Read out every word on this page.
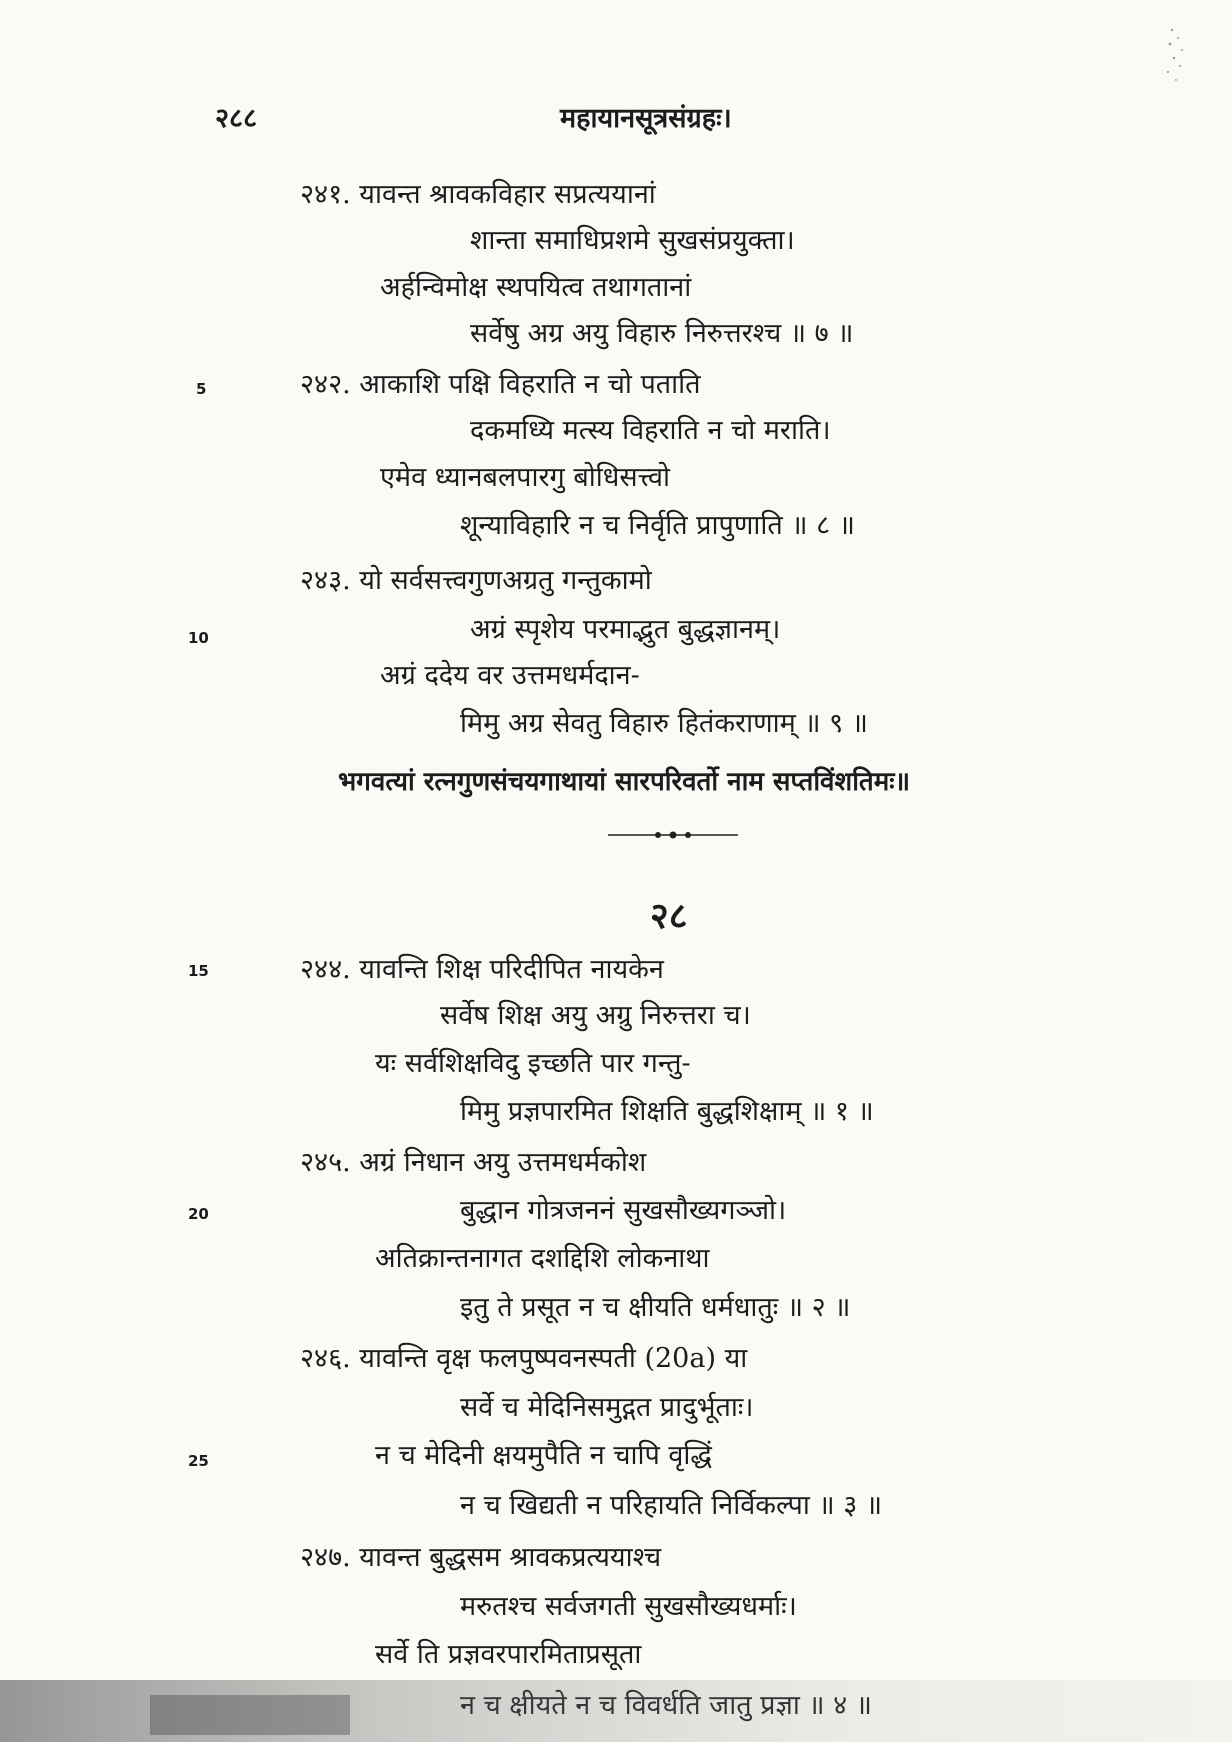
२८८	महायानसूत्रसंग्रहः।
२४१. यावन्त श्रावकविहार सप्रत्ययानां
शान्ता समाधिप्रशमे सुखसंप्रयुक्ता।
अर्हन्विमोक्ष स्थपयित्व तथागतानां
सर्वेषु अग्र अयु विहारु निरुत्तरश्च ॥ ७ ॥
२४२. आकाशि पक्षि विहराति न चो पताति
दकमध्यि मत्स्य विहराति न चो मराति।
एमेव ध्यानबलपारगु बोधिसत्त्वो
शून्याविहारि न च निर्वृति प्रापुणाति ॥ ८ ॥
२४३. यो सर्वसत्त्वगुणअग्रतु गन्तुकामो
अग्रं स्पृशेय परमाद्भुत बुद्धज्ञानम्।
अग्रं ददेय वर उत्तमधर्मदान-
मिमु अग्र सेवतु विहारु हितंकराणाम् ॥ ९ ॥
भगवत्यां रत्नगुणसंचयगाथायां सारपरिवर्तो नाम सप्तविंशतिमः॥
२८
२४४. यावन्ति शिक्ष परिदीपित नायकेन
सर्वेष शिक्ष अयु अग्रु निरुत्तरा च।
यः सर्वशिक्षविदु इच्छति पार गन्तु-
मिमु प्रज्ञपारमित शिक्षति बुद्धशिक्षाम् ॥ १ ॥
२४५. अग्रं निधान अयु उत्तमधर्मकोश
बुद्धान गोत्रजननं सुखसौख्यगञ्जो।
अतिक्रान्तनागत दशद्दिशि लोकनाथा
इतु ते प्रसूत न च क्षीयति धर्मधातुः ॥ २ ॥
२४६. यावन्ति वृक्ष फलपुष्पवनस्पती (20a) या
सर्वे च मेदिनिसमुद्गत प्रादुर्भूताः।
न च मेदिनी क्षयमुपैति न चापि वृद्धिं
न च खिद्यती न परिहायति निर्विकल्पा ॥ ३ ॥
२४७. यावन्त बुद्धसम श्रावकप्रत्ययाश्च
मरुतश्च सर्वजगती सुखसौख्यधर्माः।
सर्वे ति प्रज्ञवरपारमिताप्रसूता
5
10
15
20
25
